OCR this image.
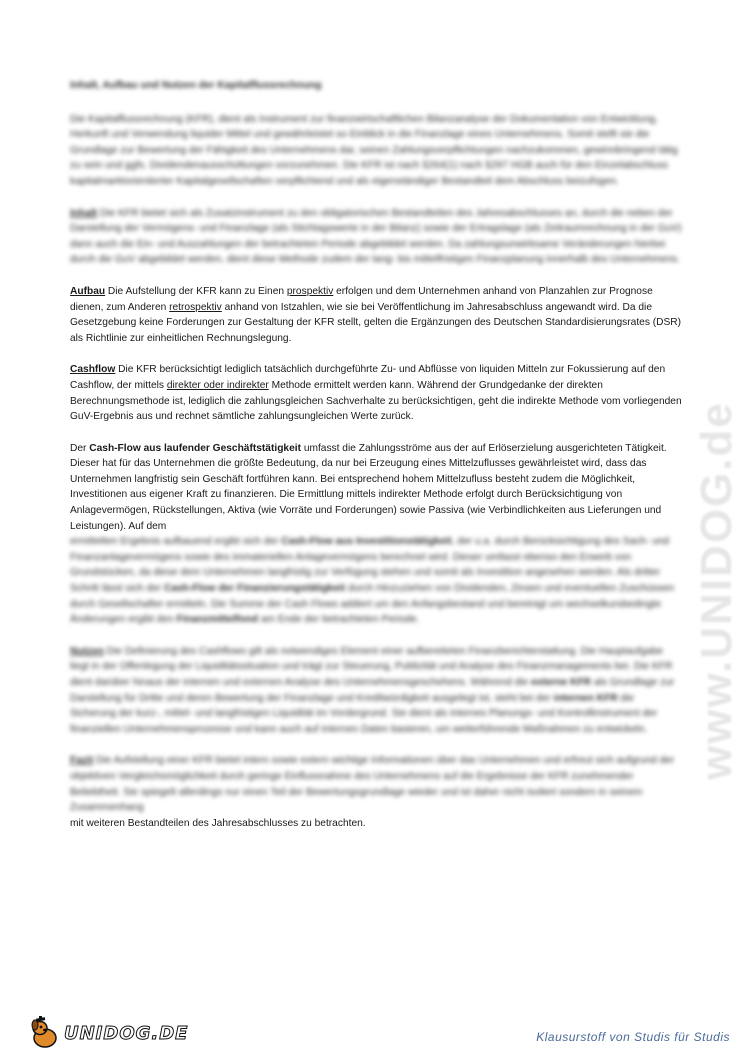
www.UNIDOG.de
Inhalt, Aufbau und Nutzen der Kapitalflussrechnung

Die Kapitalflussrechnung (KFR), dient als Instrument zur finanzwirtschaftlichen Bilanzanalyse der Dokumentation von Entwicklung, Herkunft und Verwendung liquider Mittel und gewährleistet so Einblick in die Finanzlage eines Unternehmens. Somit stellt sie die Grundlage zur Bewertung der Fähigkeit des Unternehmens dar, seinen Zahlungsverpflichtungen nachzukommen, gewinnbringend tätig zu sein und ggfs. Dividendenausschüttungen vorzunehmen. Die KFR ist nach §264(1) nach §297 HGB auch für den Einzelabschluss kapitalmarktorientierter Kapitalgesellschaften verpflichtend und als eigenständiger Bestandteil dem Abschluss beizufügen.

Inhalt Die KFR bietet sich als Zusatzinstrument zu den obligatorischen Bestandteilen des Jahresabschlusses an, durch die neben der Darstellung der Vermögens- und Finanzlage (als Stichtagswerte in der Bilanz) sowie der Ertragslage (als Zeitraumrechnung in der GuV) dann auch die Ein- und Auszahlungen der betrachteten Periode abgebildet werden. Da zahlungsunwirksame Veränderungen hierbei durch die GuV abgebildet werden, dient diese Methode zudem der lang- bis mittelfristigen Finanzplanung innerhalb des Unternehmens.

Aufbau Die Aufstellung der KFR kann zu Einen prospektiv erfolgen und dem Unternehmen anhand von Planzahlen zur Prognose dienen, zum Anderen retrospektiv anhand von Istzahlen, wie sie bei Veröffentlichung im Jahresabschluss angewandt wird. Da die Gesetzgebung keine Forderungen zur Gestaltung der KFR stellt, gelten die Ergänzungen des Deutschen Standardisierungsrates (DSR) als Richtlinie zur einheitlichen Rechnungslegung.

Cashflow Die KFR berücksichtigt lediglich tatsächlich durchgeführte Zu- und Abflüsse von liquiden Mitteln zur Fokussierung auf den Cashflow, der mittels direkter oder indirekter Methode ermittelt werden kann. Während der Grundgedanke der direkten Berechnungsmethode ist, lediglich die zahlungsgleichen Sachverhalte zu berücksichtigen, geht die indirekte Methode vom vorliegenden GuV-Ergebnis aus und rechnet sämtliche zahlungsungleichen Werte zurück.

Der Cash-Flow aus laufender Geschäftstätigkeit umfasst die Zahlungsströme aus der auf Erlöserzielung ausgerichteten Tätigkeit. Dieser hat für das Unternehmen die größte Bedeutung, da nur bei Erzeugung eines Mittelzuflusses gewährleistet wird, dass das Unternehmen langfristig sein Geschäft fortführen kann. Bei entsprechend hohem Mittelzufluss besteht zudem die Möglichkeit, Investitionen aus eigener Kraft zu finanzieren. Die Ermittlung mittels indirekter Methode erfolgt durch Berücksichtigung von Anlagevermögen, Rückstellungen, Aktiva (wie Vorräte und Forderungen) sowie Passiva (wie Verbindlichkeiten aus Lieferungen und Leistungen). Auf dem

ermittelten Ergebnis aufbauend ergibt sich der Cash-Flow aus Investitionstätigkeit, der u.a. durch Berücksichtigung des Sach- und Finanzanlagevermögens sowie des immateriellen Anlagevermögens berechnet wird. Dieser umfasst ebenso den Erwerb von Grundstücken, da diese dem Unternehmen langfristig zur Verfügung stehen und somit als Investition angesehen werden. Als dritter Schritt lässt sich der Cash-Flow der Finanzierungstätigkeit durch Hinzuziehen von Dividenden, Zinsen und eventuellen Zuschüssen durch Gesellschafter ermitteln. Die Summe der Cash Flows addiert um den Anfangsbestand und bereinigt um wechselkursbedingte Änderungen ergibt den Finanzmittelfond am Ende der betrachteten Periode.

Nutzen Die Definierung des Cashflows gilt als notwendiges Element einer aufbereiteten Finanzberichterstattung. Die Hauptaufgabe liegt in der Offenlegung der Liquiditätssituation und trägt zur Steuerung, Publizität und Analyse des Finanzmanagements bei. Die KFR dient darüber hinaus der internen und externen Analyse des Unternehmensgeschehens. Während die externe KFR als Grundlage zur Darstellung für Dritte und deren Bewertung der Finanzlage und Kreditwürdigkeit ausgelegt ist, steht bei der internen KFR die Sicherung der kurz-, mittel- und langfristigen Liquidität im Vordergrund. Sie dient als internes Planungs- und Kontrollinstrument der finanziellen Unternehmensprozesse und kann auch auf internen Daten basieren, um weiterführende Maßnahmen zu entwickeln.

Fazit Die Aufstellung einer KFR bietet intern sowie extern wichtige Informationen über das Unternehmen und erfreut sich aufgrund der objektiven Vergleichsmöglichkeit durch geringe Einflussnahme des Unternehmens auf die Ergebnisse der KFR zunehmender Beliebtheit. Sie spiegelt allerdings nur einen Teil der Bewertungsgrundlage wieder und ist daher nicht isoliert sondern in seinem Zusammenhang

mit weiteren Bestandteilen des Jahresabschlusses zu betrachten.

UNIDOG.DE	Klausurstoff von Studis für Studis
